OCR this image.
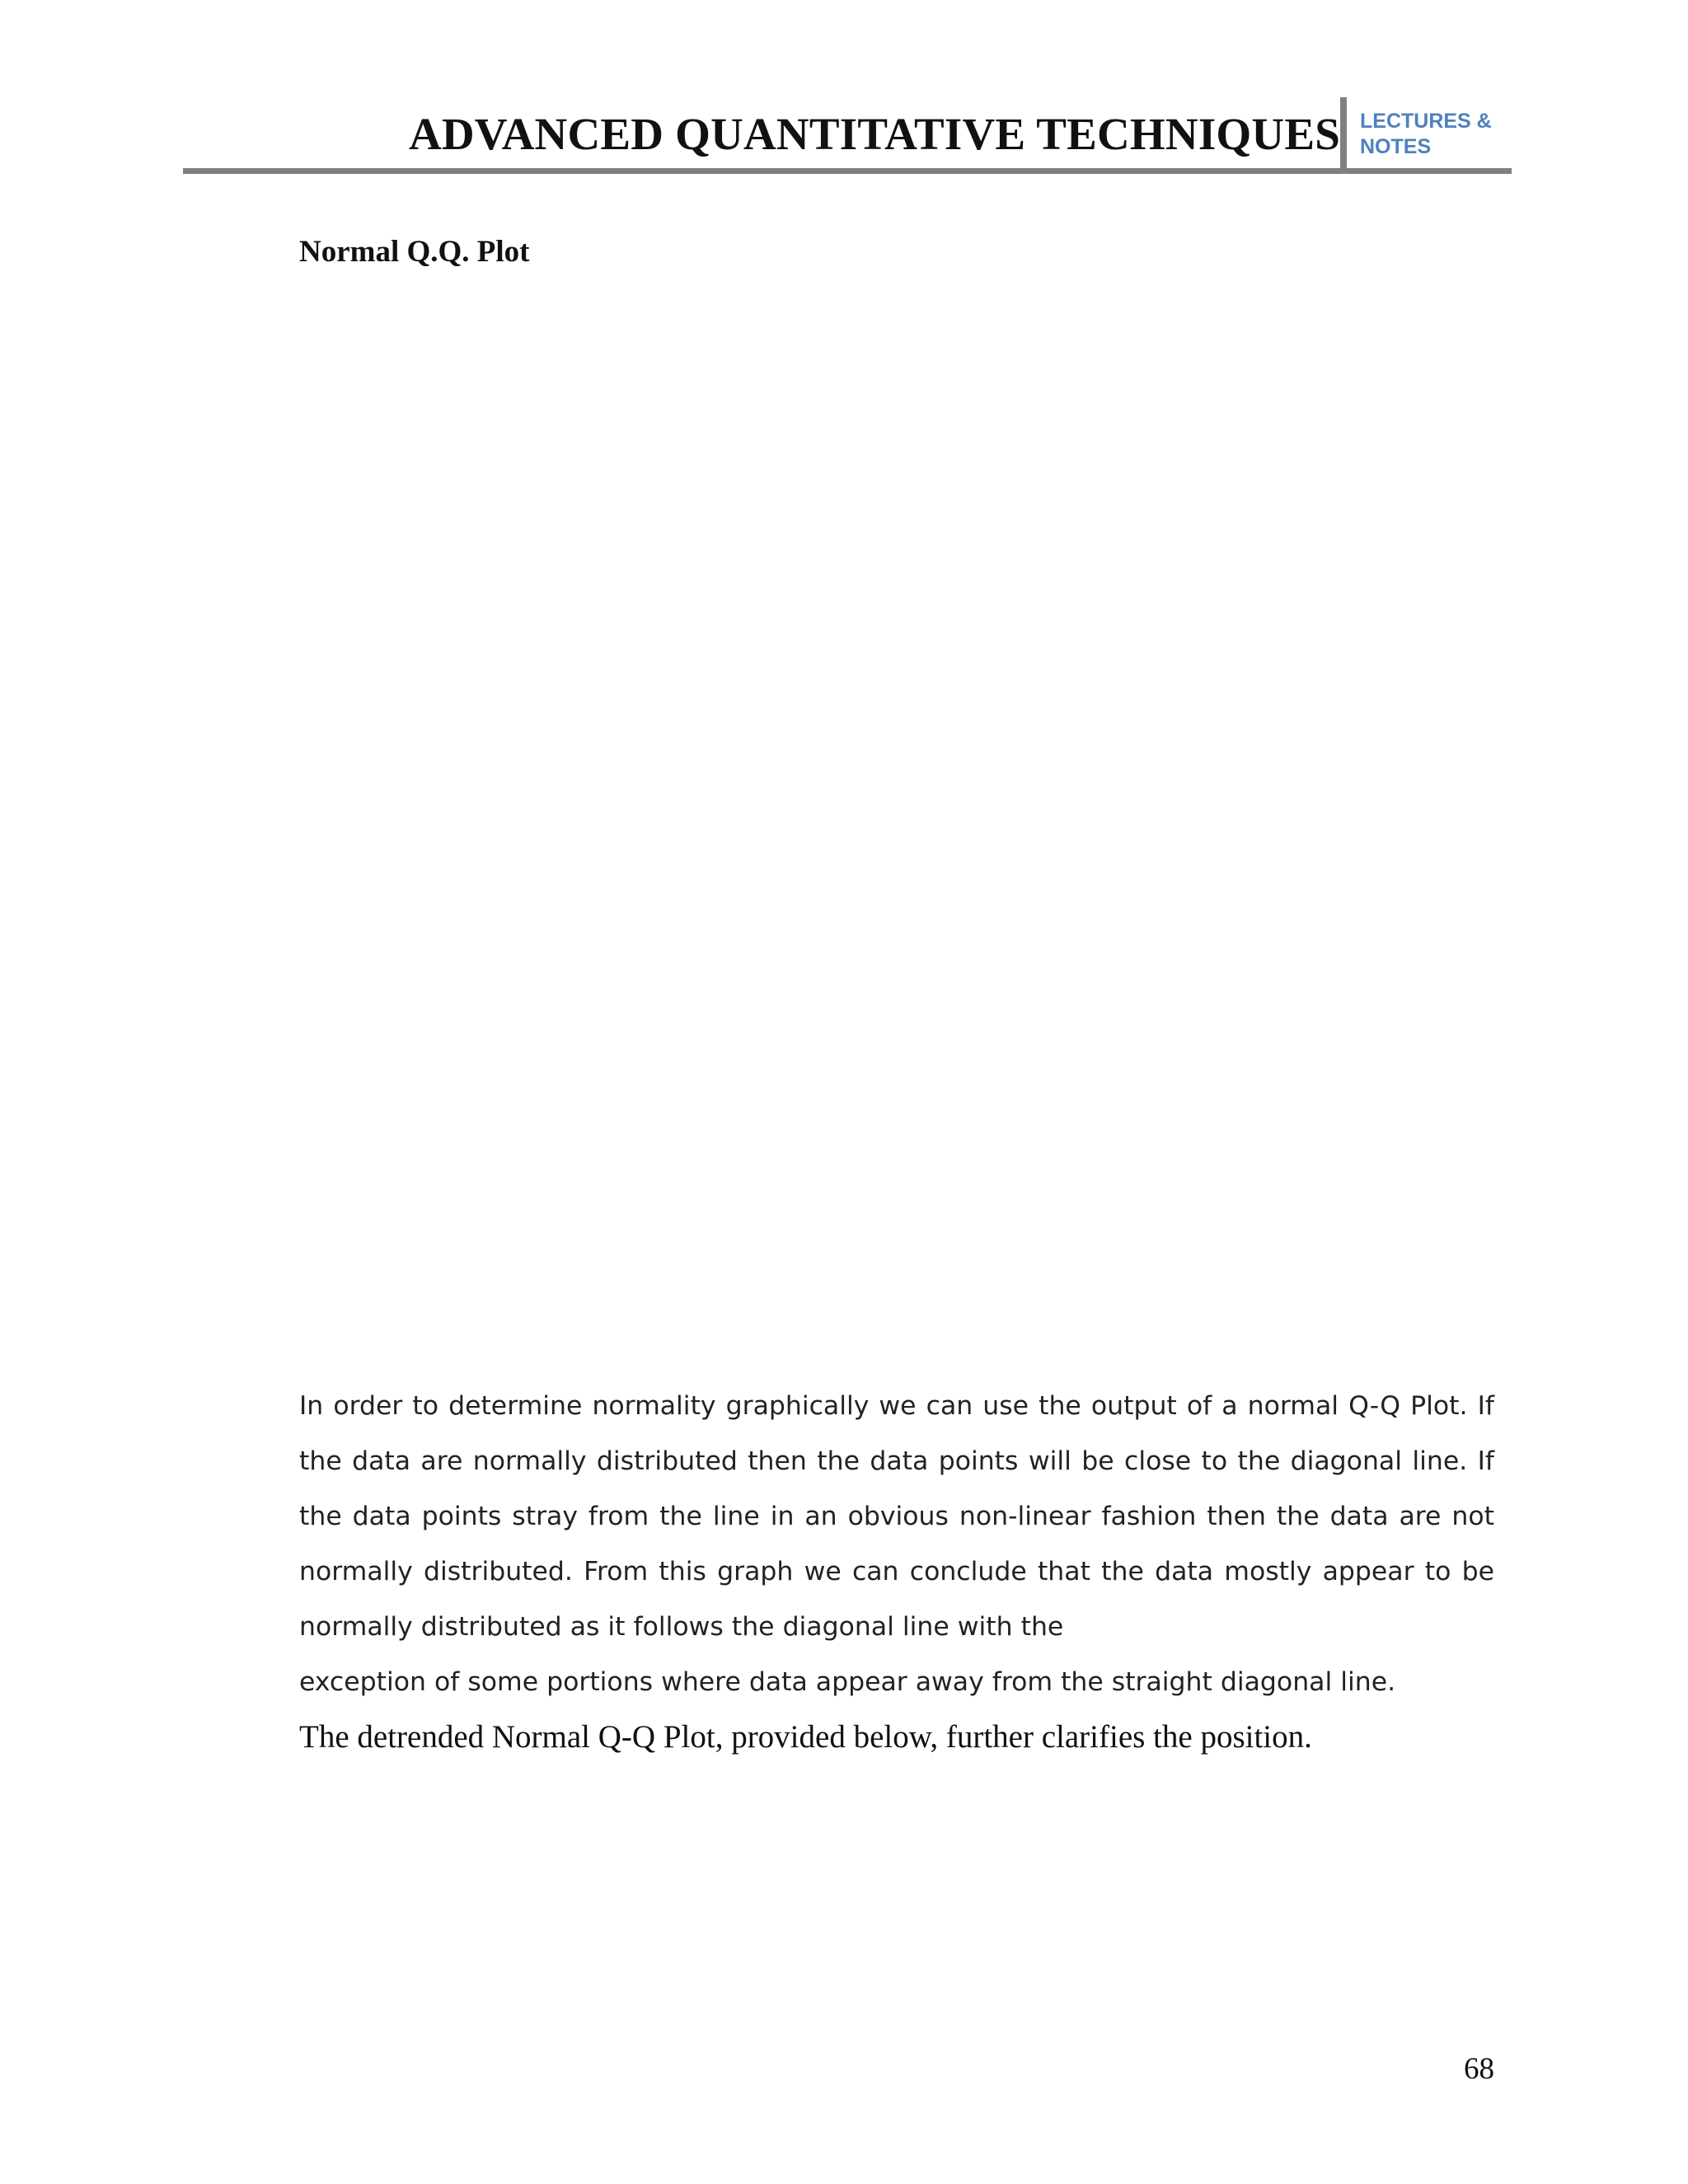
ADVANCED QUANTITATIVE TECHNIQUES LECTURES &
NOTES
Normal Q.Q. Plot
In order to determine normality graphically we can use the output of a normal Q-Q Plot. If the data are normally distributed then the data points will be close to the diagonal line. If the data points stray from the line in an obvious non-linear fashion then the data are not normally distributed. From this graph we can conclude that the data mostly appear to be normally distributed as it follows the diagonal line with the
exception of some portions where data appear away from the straight diagonal line.
The detrended Normal Q-Q Plot, provided below, further clarifies the position.
68
